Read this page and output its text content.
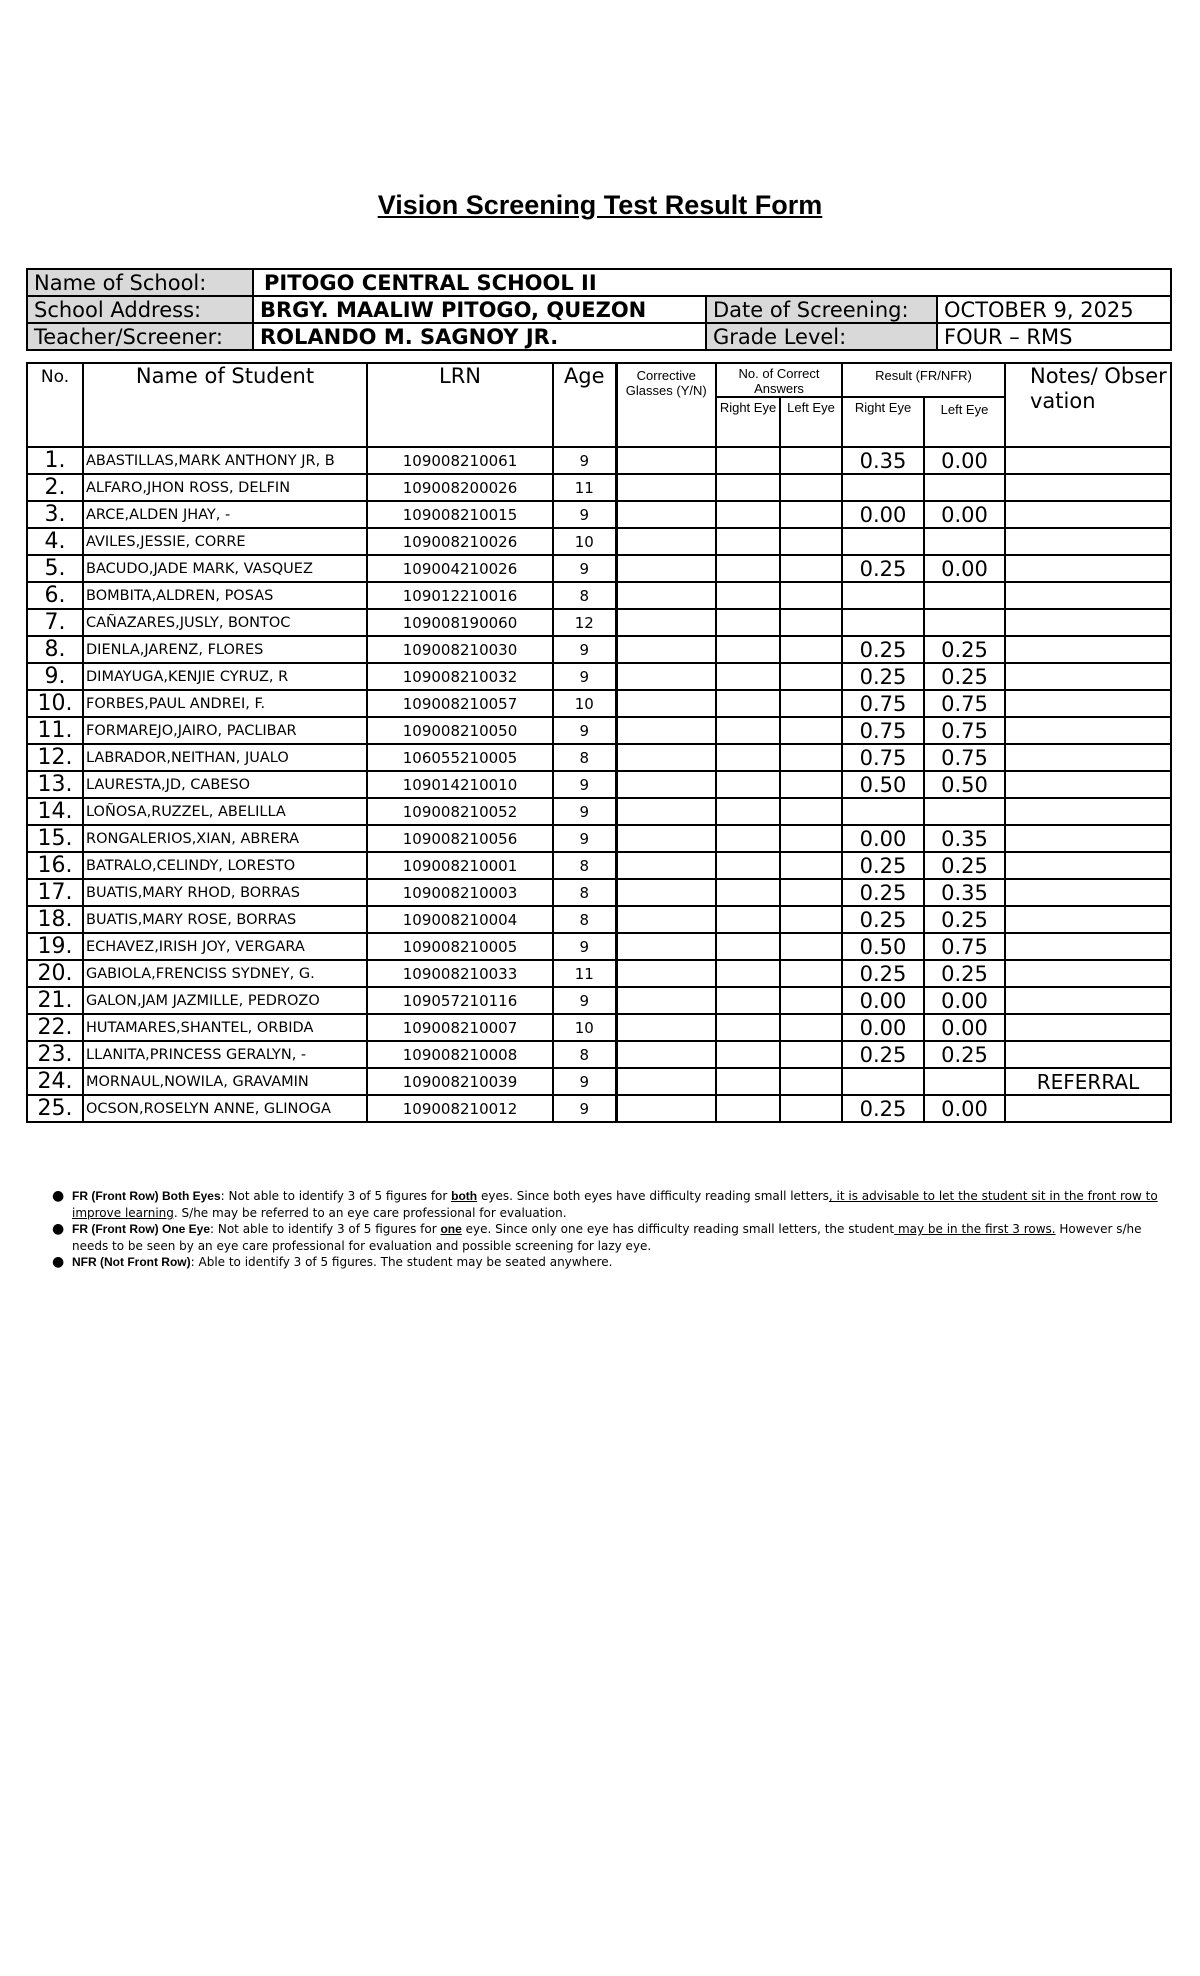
Vision Screening Test Result Form
Name of School:	PITOGO CENTRAL SCHOOL II		
School Address:	BRGY. MAALIW PITOGO, QUEZON	Date of Screening:	OCTOBER 9, 2025
Teacher/Screener:	ROLANDO M. SAGNOY JR.	Grade Level:	FOUR – RMS
No.	Name of Student	LRN	Age	Corrective Glasses (Y/N)	No. of Correct Answers		Result (FR/NFR)		Notes/ Observation
					Right Eye	Left Eye	Right Eye	Left Eye	
1.	ABASTILLAS,MARK ANTHONY JR, B	109008210061	9				0.35	0.00	
2.	ALFARO,JHON ROSS, DELFIN	109008200026	11						
3.	ARCE,ALDEN JHAY, -	109008210015	9				0.00	0.00	
4.	AVILES,JESSIE, CORRE	109008210026	10						
5.	BACUDO,JADE MARK, VASQUEZ	109004210026	9				0.25	0.00	
6.	BOMBITA,ALDREN, POSAS	109012210016	8						
7.	CAÑAZARES,JUSLY, BONTOC	109008190060	12						
8.	DIENLA,JARENZ, FLORES	109008210030	9				0.25	0.25	
9.	DIMAYUGA,KENJIE CYRUZ, R	109008210032	9				0.25	0.25	
10.	FORBES,PAUL ANDREI, F.	109008210057	10				0.75	0.75	
11.	FORMAREJO,JAIRO, PACLIBAR	109008210050	9				0.75	0.75	
12.	LABRADOR,NEITHAN, JUALO	106055210005	8				0.75	0.75	
13.	LAURESTA,JD, CABESO	109014210010	9				0.50	0.50	
14.	LOÑOSA,RUZZEL, ABELILLA	109008210052	9						
15.	RONGALERIOS,XIAN, ABRERA	109008210056	9				0.00	0.35	
16.	BATRALO,CELINDY, LORESTO	109008210001	8				0.25	0.25	
17.	BUATIS,MARY RHOD, BORRAS	109008210003	8				0.25	0.35	
18.	BUATIS,MARY ROSE, BORRAS	109008210004	8				0.25	0.25	
19.	ECHAVEZ,IRISH JOY, VERGARA	109008210005	9				0.50	0.75	
20.	GABIOLA,FRENCISS SYDNEY, G.	109008210033	11				0.25	0.25	
21.	GALON,JAM JAZMILLE, PEDROZO	109057210116	9				0.00	0.00	
22.	HUTAMARES,SHANTEL, ORBIDA	109008210007	10				0.00	0.00	
23.	LLANITA,PRINCESS GERALYN, -	109008210008	8				0.25	0.25	
24.	MORNAUL,NOWILA, GRAVAMIN	109008210039	9						REFERRAL
25.	OCSON,ROSELYN ANNE, GLINOGA	109008210012	9				0.25	0.00	
● FR (Front Row) Both Eyes: Not able to identify 3 of 5 figures for both eyes. Since both eyes have difficulty reading small letters, it is advisable to let the student sit in the front row to improve learning. S/he may be referred to an eye care professional for evaluation.
● FR (Front Row) One Eye: Not able to identify 3 of 5 figures for one eye. Since only one eye has difficulty reading small letters, the student may be in the first 3 rows. However s/he needs to be seen by an eye care professional for evaluation and possible screening for lazy eye.
● NFR (Not Front Row): Able to identify 3 of 5 figures. The student may be seated anywhere.
